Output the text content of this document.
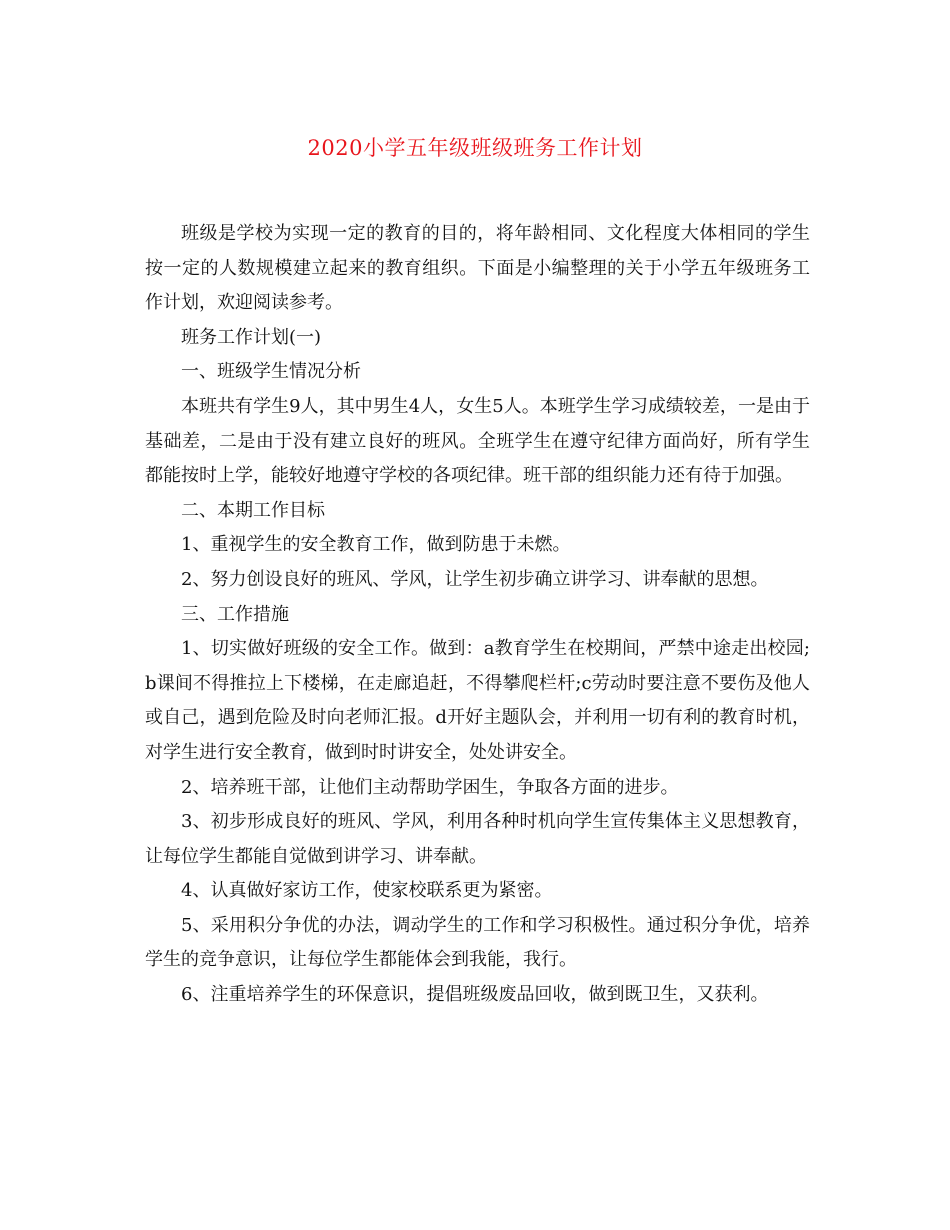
2020小学五年级班级班务工作计划

班级是学校为实现一定的教育的目的，将年龄相同、文化程度大体相同的学生按一定的人数规模建立起来的教育组织。下面是小编整理的关于小学五年级班务工作计划，欢迎阅读参考。

班务工作计划(一)

一、班级学生情况分析

本班共有学生9人，其中男生4人，女生5人。本班学生学习成绩较差，一是由于基础差，二是由于没有建立良好的班风。全班学生在遵守纪律方面尚好，所有学生都能按时上学，能较好地遵守学校的各项纪律。班干部的组织能力还有待于加强。

二、本期工作目标

1、重视学生的安全教育工作，做到防患于未燃。

2、努力创设良好的班风、学风，让学生初步确立讲学习、讲奉献的思想。

三、工作措施

1、切实做好班级的安全工作。做到：a教育学生在校期间，严禁中途走出校园;b课间不得推拉上下楼梯，在走廊追赶，不得攀爬栏杆;c劳动时要注意不要伤及他人或自己，遇到危险及时向老师汇报。d开好主题队会，并利用一切有利的教育时机，对学生进行安全教育，做到时时讲安全，处处讲安全。

2、培养班干部，让他们主动帮助学困生，争取各方面的进步。

3、初步形成良好的班风、学风，利用各种时机向学生宣传集体主义思想教育，让每位学生都能自觉做到讲学习、讲奉献。

4、认真做好家访工作，使家校联系更为紧密。

5、采用积分争优的办法，调动学生的工作和学习积极性。通过积分争优，培养学生的竞争意识，让每位学生都能体会到我能，我行。

6、注重培养学生的环保意识，提倡班级废品回收，做到既卫生，又获利。
